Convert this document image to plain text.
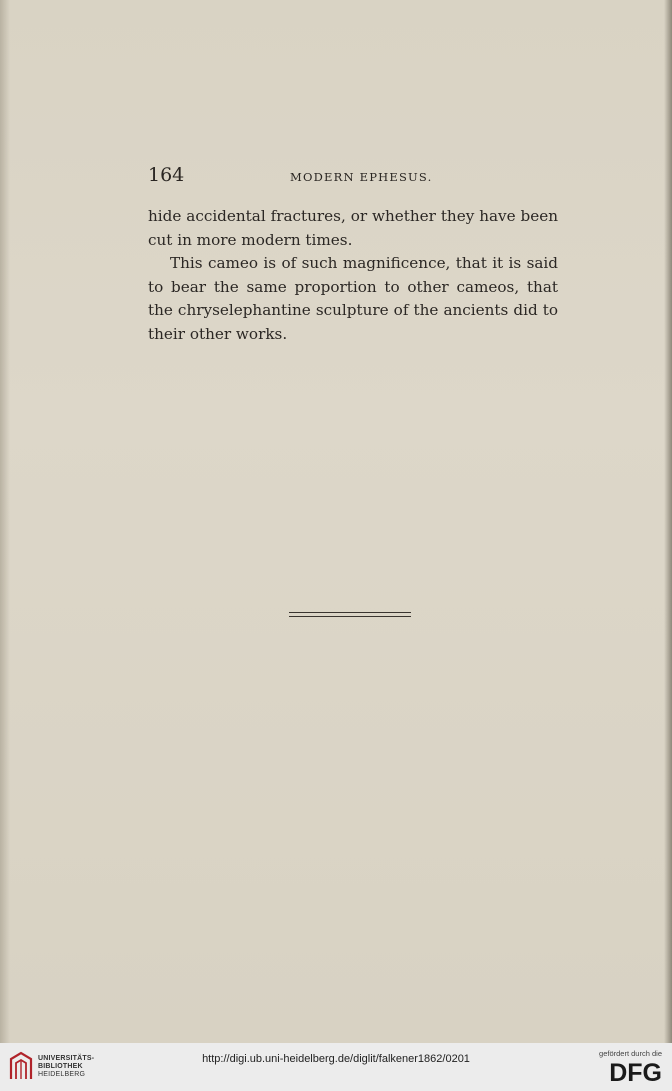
164	MODERN EPHESUS.

hide accidental fractures, or whether they have been cut in more modern times.

This cameo is of such magnificence, that it is said to bear the same proportion to other cameos, that the chryselephantine sculpture of the ancients did to their other works.

UNIVERSITÄTS-
BIBLIOTHEK
HEIDELBERG
http://digi.ub.uni-heidelberg.de/diglit/falkener1862/0201	gefördert durch die
DFG
